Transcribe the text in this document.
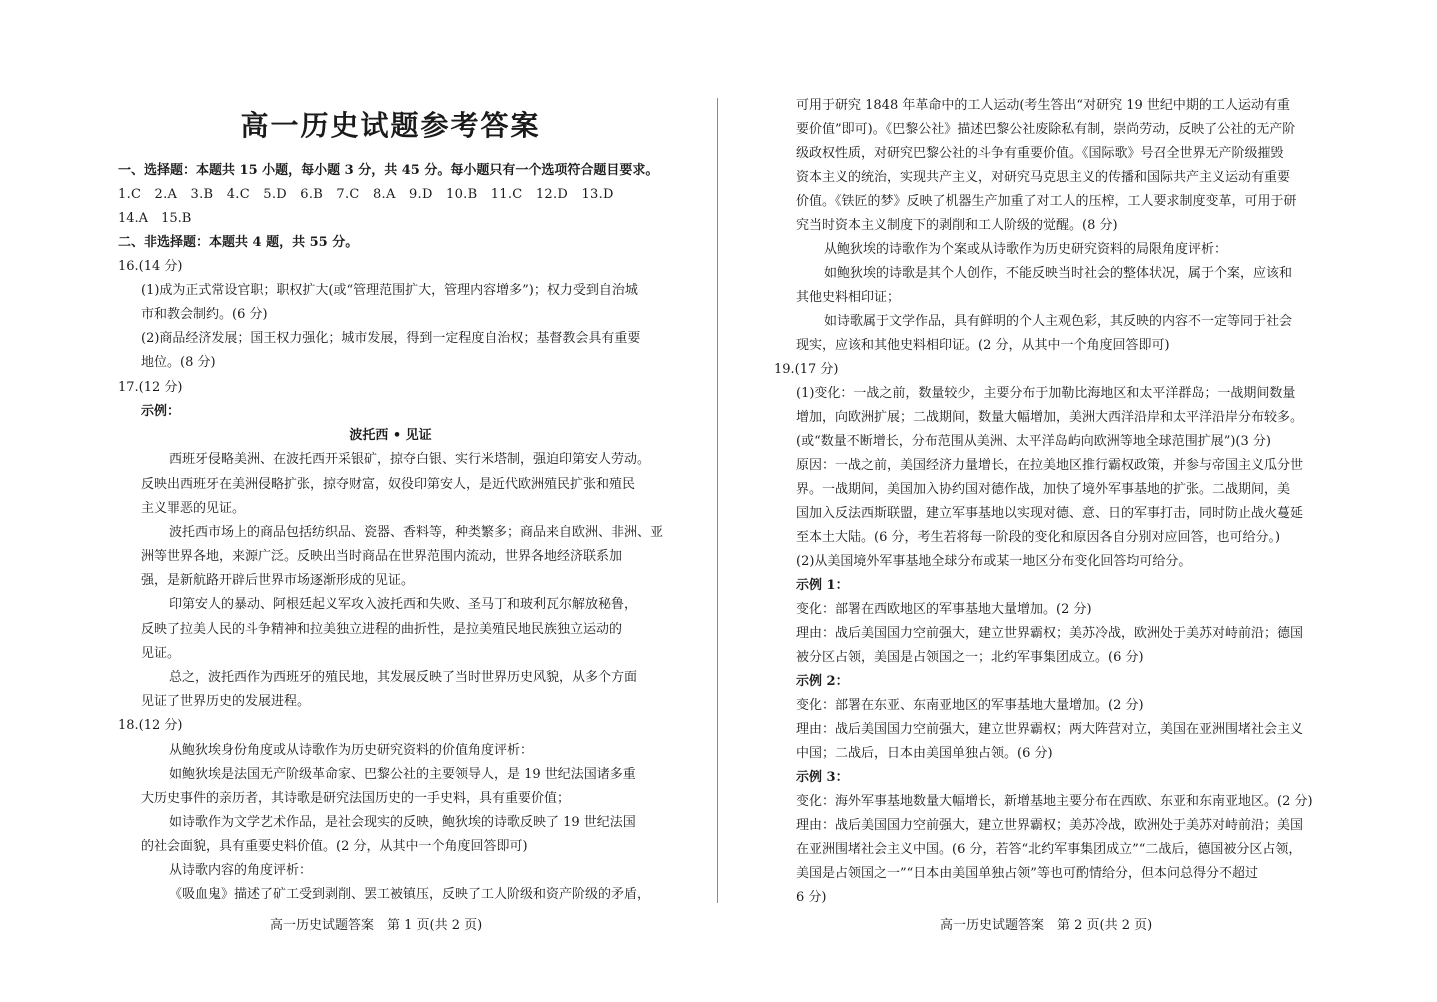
高一历史试题参考答案
一、选择题：本题共 15 小题，每小题 3 分，共 45 分。每小题只有一个选项符合题目要求。
1.C　2.A　3.B　4.C　5.D　6.B　7.C　8.A　9.D　10.B　11.C　12.D　13.D
14.A　15.B
二、非选择题：本题共 4 题，共 55 分。
16.(14 分)
(1)成为正式常设官职；职权扩大(或“管理范围扩大，管理内容增多”)；权力受到自治城
市和教会制约。(6 分)
(2)商品经济发展；国王权力强化；城市发展，得到一定程度自治权；基督教会具有重要
地位。(8 分)
17.(12 分)
示例：
波托西 • 见证
西班牙侵略美洲、在波托西开采银矿，掠夺白银、实行米塔制，强迫印第安人劳动。
反映出西班牙在美洲侵略扩张，掠夺财富，奴役印第安人，是近代欧洲殖民扩张和殖民
主义罪恶的见证。
波托西市场上的商品包括纺织品、瓷器、香料等，种类繁多；商品来自欧洲、非洲、亚
洲等世界各地，来源广泛。反映出当时商品在世界范围内流动，世界各地经济联系加
强，是新航路开辟后世界市场逐渐形成的见证。
印第安人的暴动、阿根廷起义军攻入波托西和失败、圣马丁和玻利瓦尔解放秘鲁，
反映了拉美人民的斗争精神和拉美独立进程的曲折性，是拉美殖民地民族独立运动的
见证。
总之，波托西作为西班牙的殖民地，其发展反映了当时世界历史风貌，从多个方面
见证了世界历史的发展进程。
18.(12 分)
从鲍狄埃身份角度或从诗歌作为历史研究资料的价值角度评析：
如鲍狄埃是法国无产阶级革命家、巴黎公社的主要领导人，是 19 世纪法国诸多重
大历史事件的亲历者，其诗歌是研究法国历史的一手史料，具有重要价值；
如诗歌作为文学艺术作品，是社会现实的反映，鲍狄埃的诗歌反映了 19 世纪法国
的社会面貌，具有重要史料价值。(2 分，从其中一个角度回答即可)
从诗歌内容的角度评析：
《吸血鬼》描述了矿工受到剥削、罢工被镇压，反映了工人阶级和资产阶级的矛盾，
高一历史试题答案　第 1 页(共 2 页)
可用于研究 1848 年革命中的工人运动(考生答出“对研究 19 世纪中期的工人运动有重
要价值”即可)。《巴黎公社》描述巴黎公社废除私有制，崇尚劳动，反映了公社的无产阶
级政权性质，对研究巴黎公社的斗争有重要价值。《国际歌》号召全世界无产阶级摧毁
资本主义的统治，实现共产主义，对研究马克思主义的传播和国际共产主义运动有重要
价值。《铁匠的梦》反映了机器生产加重了对工人的压榨，工人要求制度变革，可用于研
究当时资本主义制度下的剥削和工人阶级的觉醒。(8 分)
从鲍狄埃的诗歌作为个案或从诗歌作为历史研究资料的局限角度评析：
如鲍狄埃的诗歌是其个人创作，不能反映当时社会的整体状况，属于个案，应该和
其他史料相印证；
如诗歌属于文学作品，具有鲜明的个人主观色彩，其反映的内容不一定等同于社会
现实，应该和其他史料相印证。(2 分，从其中一个角度回答即可)
19.(17 分)
(1)变化：一战之前，数量较少，主要分布于加勒比海地区和太平洋群岛；一战期间数量
增加，向欧洲扩展；二战期间，数量大幅增加，美洲大西洋沿岸和太平洋沿岸分布较多。
(或“数量不断增长，分布范围从美洲、太平洋岛屿向欧洲等地全球范围扩展”)(3 分)
原因：一战之前，美国经济力量增长，在拉美地区推行霸权政策，并参与帝国主义瓜分世
界。一战期间，美国加入协约国对德作战，加快了境外军事基地的扩张。二战期间，美
国加入反法西斯联盟，建立军事基地以实现对德、意、日的军事打击，同时防止战火蔓延
至本土大陆。(6 分，考生若将每一阶段的变化和原因各自分别对应回答，也可给分。)
(2)从美国境外军事基地全球分布或某一地区分布变化回答均可给分。
示例 1：
变化：部署在西欧地区的军事基地大量增加。(2 分)
理由：战后美国国力空前强大，建立世界霸权；美苏冷战，欧洲处于美苏对峙前沿；德国
被分区占领，美国是占领国之一；北约军事集团成立。(6 分)
示例 2：
变化：部署在东亚、东南亚地区的军事基地大量增加。(2 分)
理由：战后美国国力空前强大，建立世界霸权；两大阵营对立，美国在亚洲围堵社会主义
中国；二战后，日本由美国单独占领。(6 分)
示例 3：
变化：海外军事基地数量大幅增长，新增基地主要分布在西欧、东亚和东南亚地区。(2 分)
理由：战后美国国力空前强大，建立世界霸权；美苏冷战，欧洲处于美苏对峙前沿；美国
在亚洲围堵社会主义中国。(6 分，若答“北约军事集团成立”“二战后，德国被分区占领，
美国是占领国之一”“日本由美国单独占领”等也可酌情给分，但本问总得分不超过
6 分)
高一历史试题答案　第 2 页(共 2 页)
